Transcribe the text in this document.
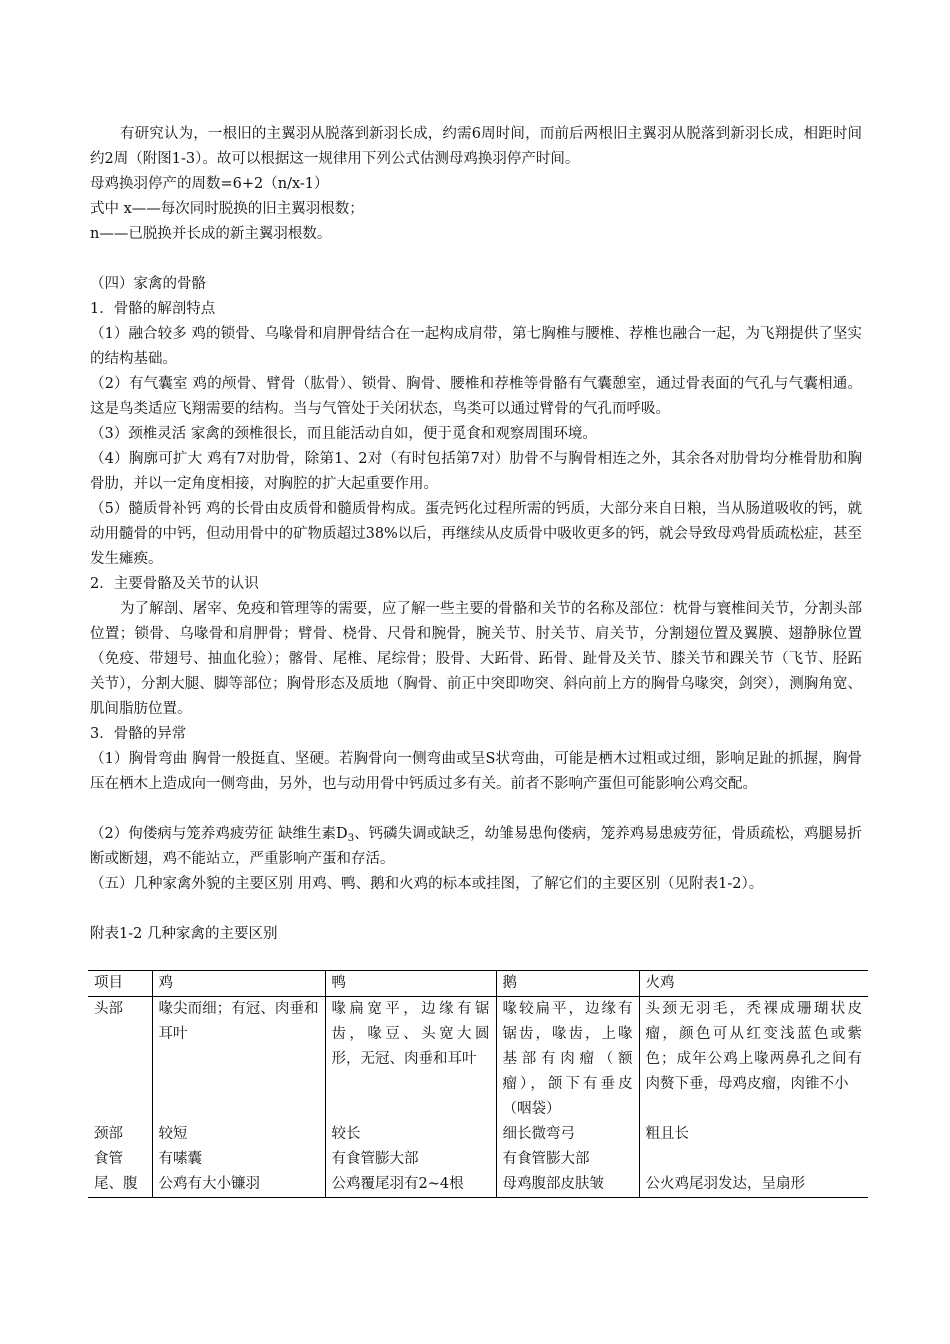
有研究认为，一根旧的主翼羽从脱落到新羽长成，约需6周时间，而前后两根旧主翼羽从脱落到新羽长成，相距时间约2周（附图1-3）。故可以根据这一规律用下列公式估测母鸡换羽停产时间。

母鸡换羽停产的周数=6+2（n/x-1）

式中 x——每次同时脱换的旧主翼羽根数；

n——已脱换并长成的新主翼羽根数。

（四）家禽的骨骼

1．骨骼的解剖特点

（1）融合较多 鸡的锁骨、乌喙骨和肩胛骨结合在一起构成肩带，第七胸椎与腰椎、荐椎也融合一起，为飞翔提供了坚实的结构基础。

（2）有气囊室 鸡的颅骨、臂骨（肱骨）、锁骨、胸骨、腰椎和荐椎等骨骼有气囊憩室，通过骨表面的气孔与气囊相通。这是鸟类适应飞翔需要的结构。当与气管处于关闭状态，鸟类可以通过臂骨的气孔而呼吸。

（3）颈椎灵活 家禽的颈椎很长，而且能活动自如，便于觅食和观察周围环境。

（4）胸廓可扩大 鸡有7对肋骨，除第1、2对（有时包括第7对）肋骨不与胸骨相连之外，其余各对肋骨均分椎骨肋和胸骨肋，并以一定角度相接，对胸腔的扩大起重要作用。

（5）髓质骨补钙 鸡的长骨由皮质骨和髓质骨构成。蛋壳钙化过程所需的钙质，大部分来自日粮，当从肠道吸收的钙，就动用髓骨的中钙，但动用骨中的矿物质超过38%以后，再继续从皮质骨中吸收更多的钙，就会导致母鸡骨质疏松症，甚至发生瘫痪。

2．主要骨骼及关节的认识

为了解剖、屠宰、免疫和管理等的需要，应了解一些主要的骨骼和关节的名称及部位：枕骨与寰椎间关节，分割头部位置；锁骨、乌喙骨和肩胛骨；臂骨、桡骨、尺骨和腕骨，腕关节、肘关节、肩关节，分割翅位置及翼膜、翅静脉位置（免疫、带翅号、抽血化验）；髂骨、尾椎、尾综骨；股骨、大跖骨、跖骨、趾骨及关节、膝关节和踝关节（飞节、胫跖关节），分割大腿、脚等部位；胸骨形态及质地（胸骨、前正中突即吻突、斜向前上方的胸骨乌喙突，剑突），测胸角宽、肌间脂肪位置。

3．骨骼的异常

（1）胸骨弯曲 胸骨一般挺直、坚硬。若胸骨向一侧弯曲或呈S状弯曲，可能是栖木过粗或过细，影响足趾的抓握，胸骨压在栖木上造成向一侧弯曲，另外，也与动用骨中钙质过多有关。前者不影响产蛋但可能影响公鸡交配。

（2）佝偻病与笼养鸡疲劳征 缺维生素$D_3$、钙磷失调或缺乏，幼雏易患佝偻病，笼养鸡易患疲劳征，骨质疏松，鸡腿易折断或断翅，鸡不能站立，严重影响产蛋和存活。

（五）几种家禽外貌的主要区别 用鸡、鸭、鹅和火鸡的标本或挂图，了解它们的主要区别（见附表1-2）。

附表1-2 几种家禽的主要区别

项目	鸡	鸭	鹅	火鸡
头部	喙尖而细；有冠、肉垂和耳叶	喙扁宽平，边缘有锯齿，喙豆、头宽大圆形，无冠、肉垂和耳叶	喙较扁平，边缘有锯齿，喙齿，上喙基部有肉瘤（额瘤），颌下有垂皮（咽袋）	头颈无羽毛，秃裸成珊瑚状皮瘤，颜色可从红变浅蓝色或紫色；成年公鸡上喙两鼻孔之间有肉赘下垂，母鸡皮瘤，肉锥不小
颈部	较短	较长	细长微弯弓	粗且长
食管	有嗉囊	有食管膨大部	有食管膨大部	
尾、腹	公鸡有大小镰羽	公鸡覆尾羽有2~4根	母鸡腹部皮肤皱	公火鸡尾羽发达，呈扇形
